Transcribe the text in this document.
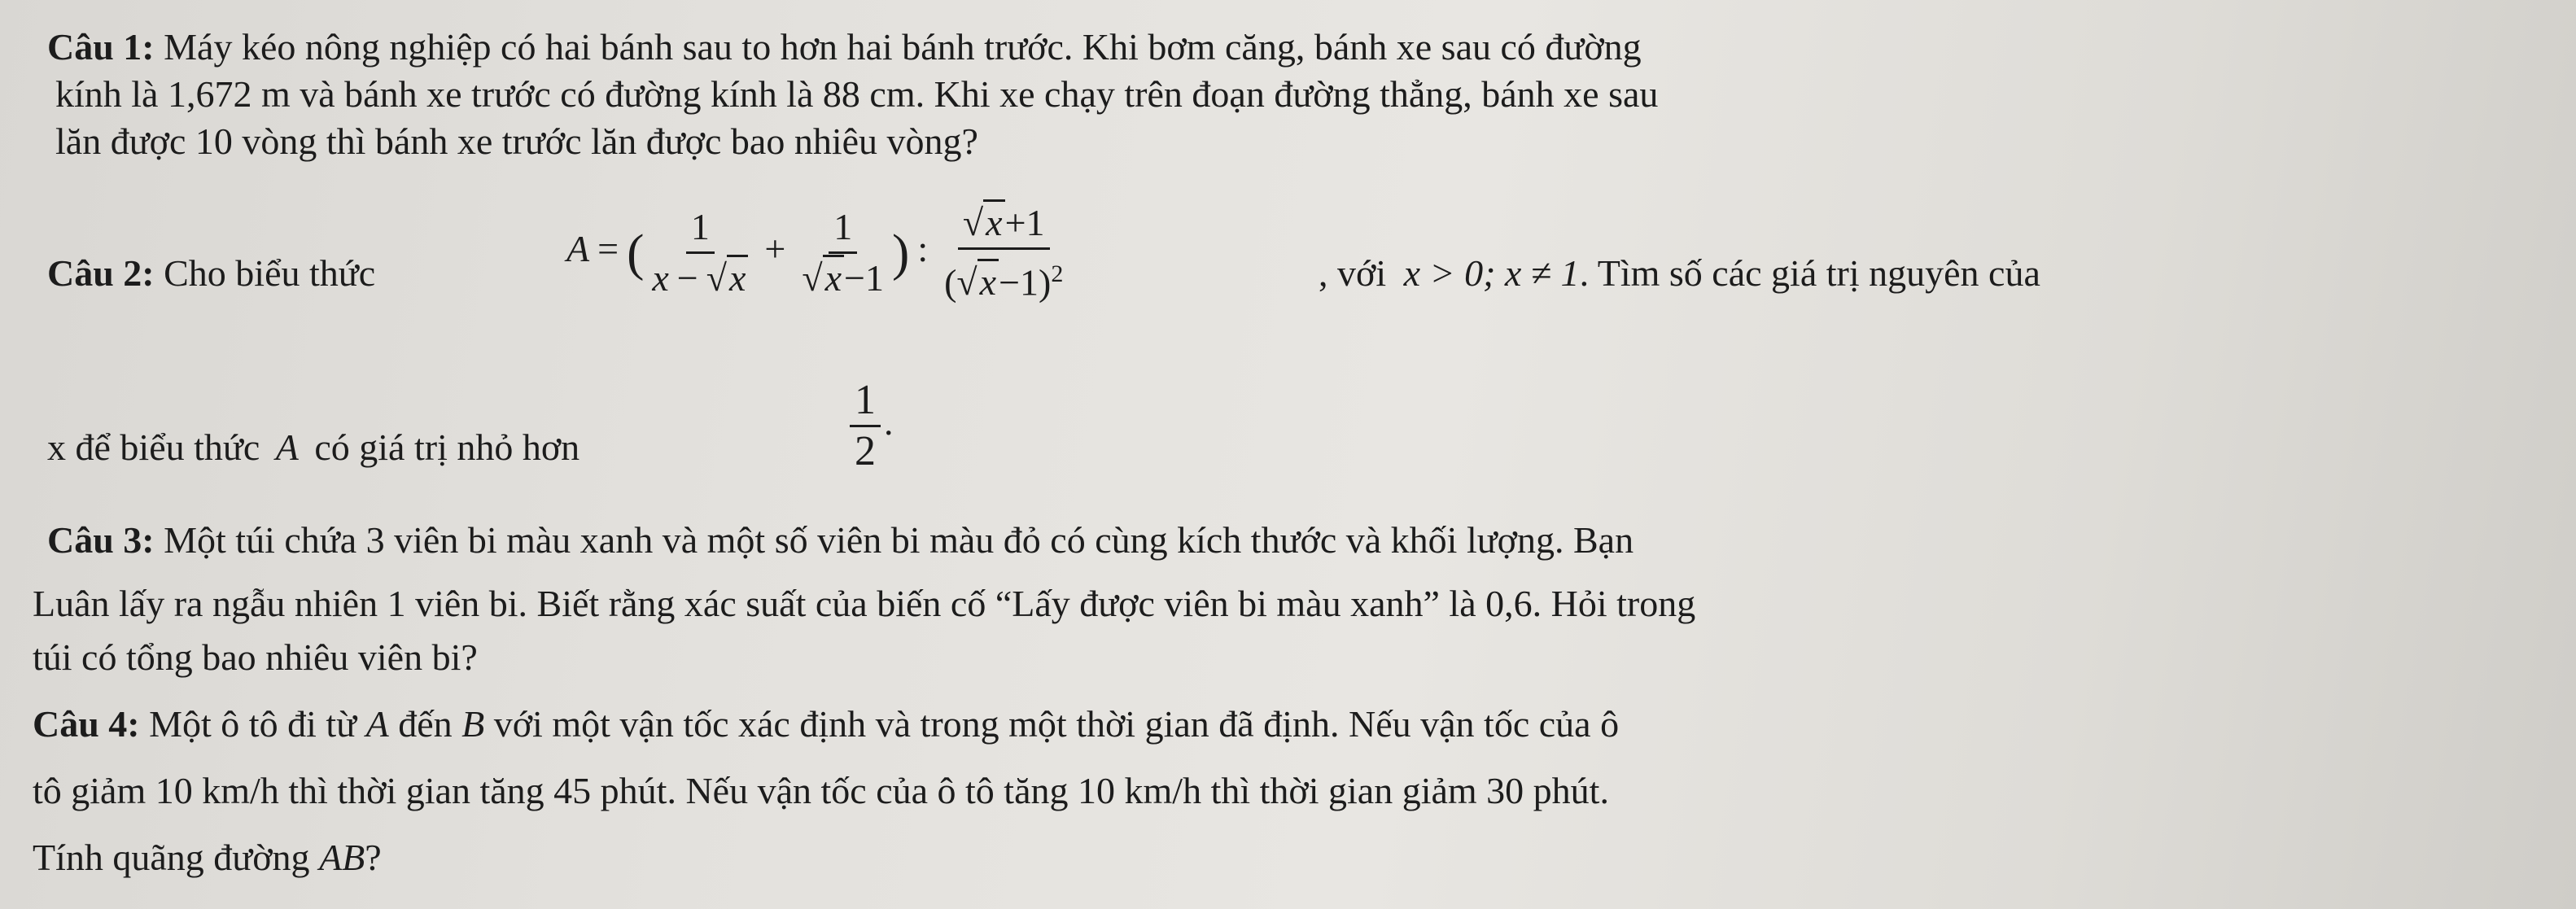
Câu 1: Máy kéo nông nghiệp có hai bánh sau to hơn hai bánh trước. Khi bơm căng, bánh xe sau có đường
kính là 1,672 m và bánh xe trước có đường kính là 88 cm. Khi xe chạy trên đoạn đường thẳng, bánh xe sau
lăn được 10 vòng thì bánh xe trước lăn được bao nhiêu vòng?
Câu 2: Cho biểu thức
A = ( $\frac{1}{x - √x} + \frac{1}{√x-1}$ ) : $\frac{√x+1}{(√x-1)^2}$	, với x > 0; x ≠ 1. Tìm số các giá trị nguyên của
x để biểu thức A có giá trị nhỏ hơn	$\frac{1}{2}$ .
Câu 3: Một túi chứa 3 viên bi màu xanh và một số viên bi màu đỏ có cùng kích thước và khối lượng. Bạn
Luân lấy ra ngẫu nhiên 1 viên bi. Biết rằng xác suất của biến cố “Lấy được viên bi màu xanh” là 0,6. Hỏi trong
túi có tổng bao nhiêu viên bi?
Câu 4: Một ô tô đi từ A đến B với một vận tốc xác định và trong một thời gian đã định. Nếu vận tốc của ô
tô giảm 10 km/h thì thời gian tăng 45 phút. Nếu vận tốc của ô tô tăng 10 km/h thì thời gian giảm 30 phút.
Tính quãng đường AB?
